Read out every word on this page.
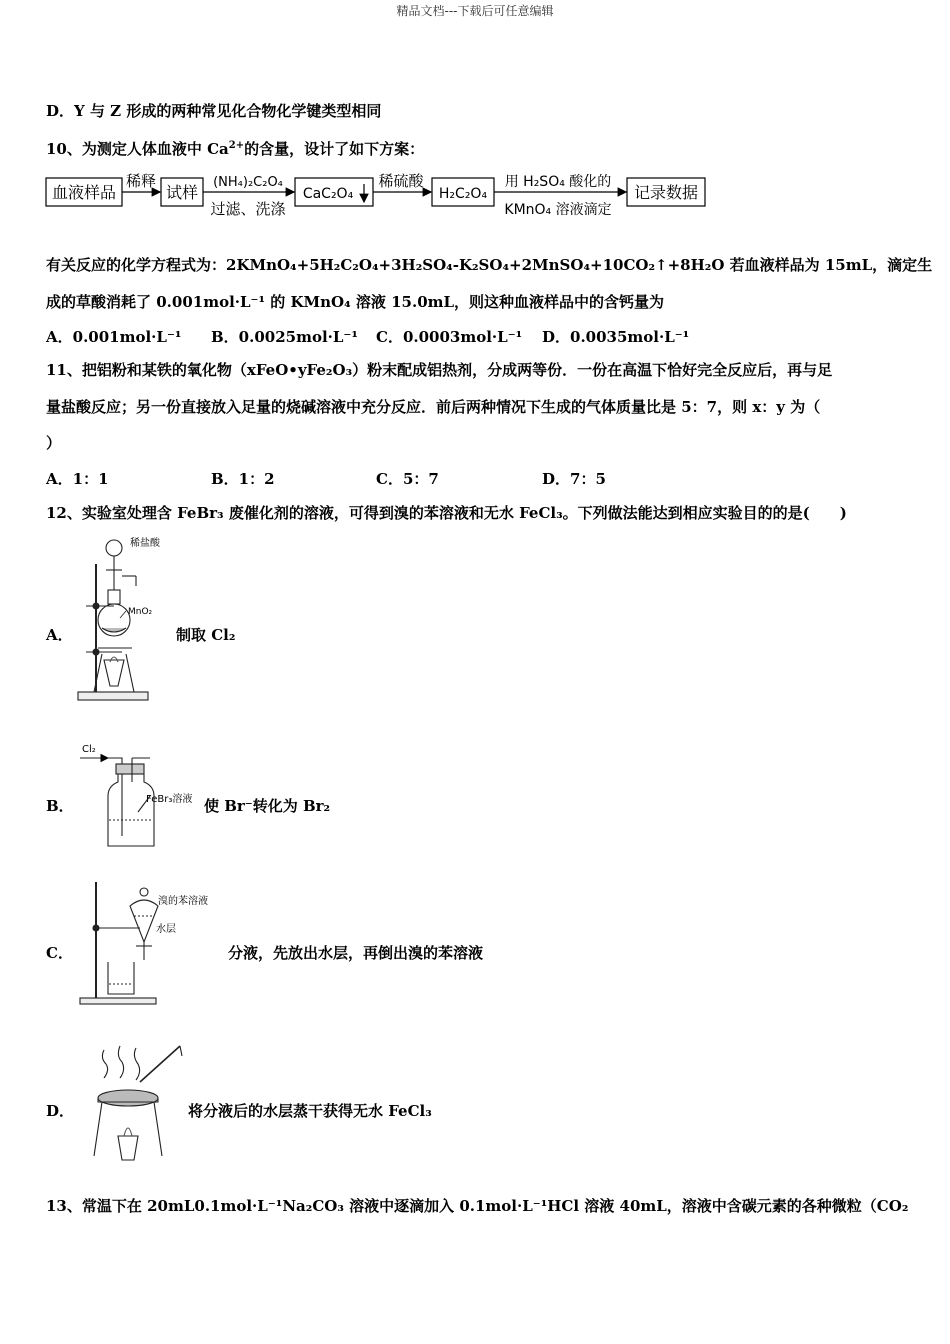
精品文档---下载后可任意编辑
D．Y 与 Z 形成的两种常见化合物化学键类型相同
10、为测定人体血液中 $Ca^{2+}$的含量，设计了如下方案：
血液样品
稀释
试样
(NH₄)₂C₂O₄
过滤、洗涤
CaC₂O₄
稀硫酸
H₂C₂O₄
用 H₂SO₄ 酸化的
KMnO₄ 溶液滴定
记录数据
有关反应的化学方程式为：2KMnO₄+5H₂C₂O₄+3H₂SO₄-K₂SO₄+2MnSO₄+10CO₂↑+8H₂O 若血液样品为 15mL，滴定生
成的草酸消耗了 0.001mol·L⁻¹ 的 KMnO₄ 溶液 15.0mL，则这种血液样品中的含钙量为
A．0.001mol·L⁻¹ B．0.0025mol·L⁻¹ C．0.0003mol·L⁻¹ D．0.0035mol·L⁻¹
11、把铝粉和某铁的氧化物（xFeO•yFe₂O₃）粉末配成铝热剂，分成两等份．一份在高温下恰好完全反应后，再与足
量盐酸反应；另一份直接放入足量的烧碱溶液中充分反应．前后两种情况下生成的气体质量比是 5：7，则 x：y 为（
）
A．1：1	B．1：2	C．5：7	D．7：5
12、实验室处理含 FeBr₃ 废催化剂的溶液，可得到溴的苯溶液和无水 FeCl₃。下列做法能达到相应实验目的的是(　　)
A．
稀盐酸
MnO₂
制取 Cl₂
B．
Cl₂
FeBr₃溶液 使 Br⁻转化为 Br₂
C．
溴的苯溶液
水层
分液，先放出水层，再倒出溴的苯溶液
D．	将分液后的水层蒸干获得无水 FeCl₃
13、常温下在 20mL0.1mol·L⁻¹Na₂CO₃ 溶液中逐滴加入 0.1mol·L⁻¹HCl 溶液 40mL，溶液中含碳元素的各种微粒（CO₂
